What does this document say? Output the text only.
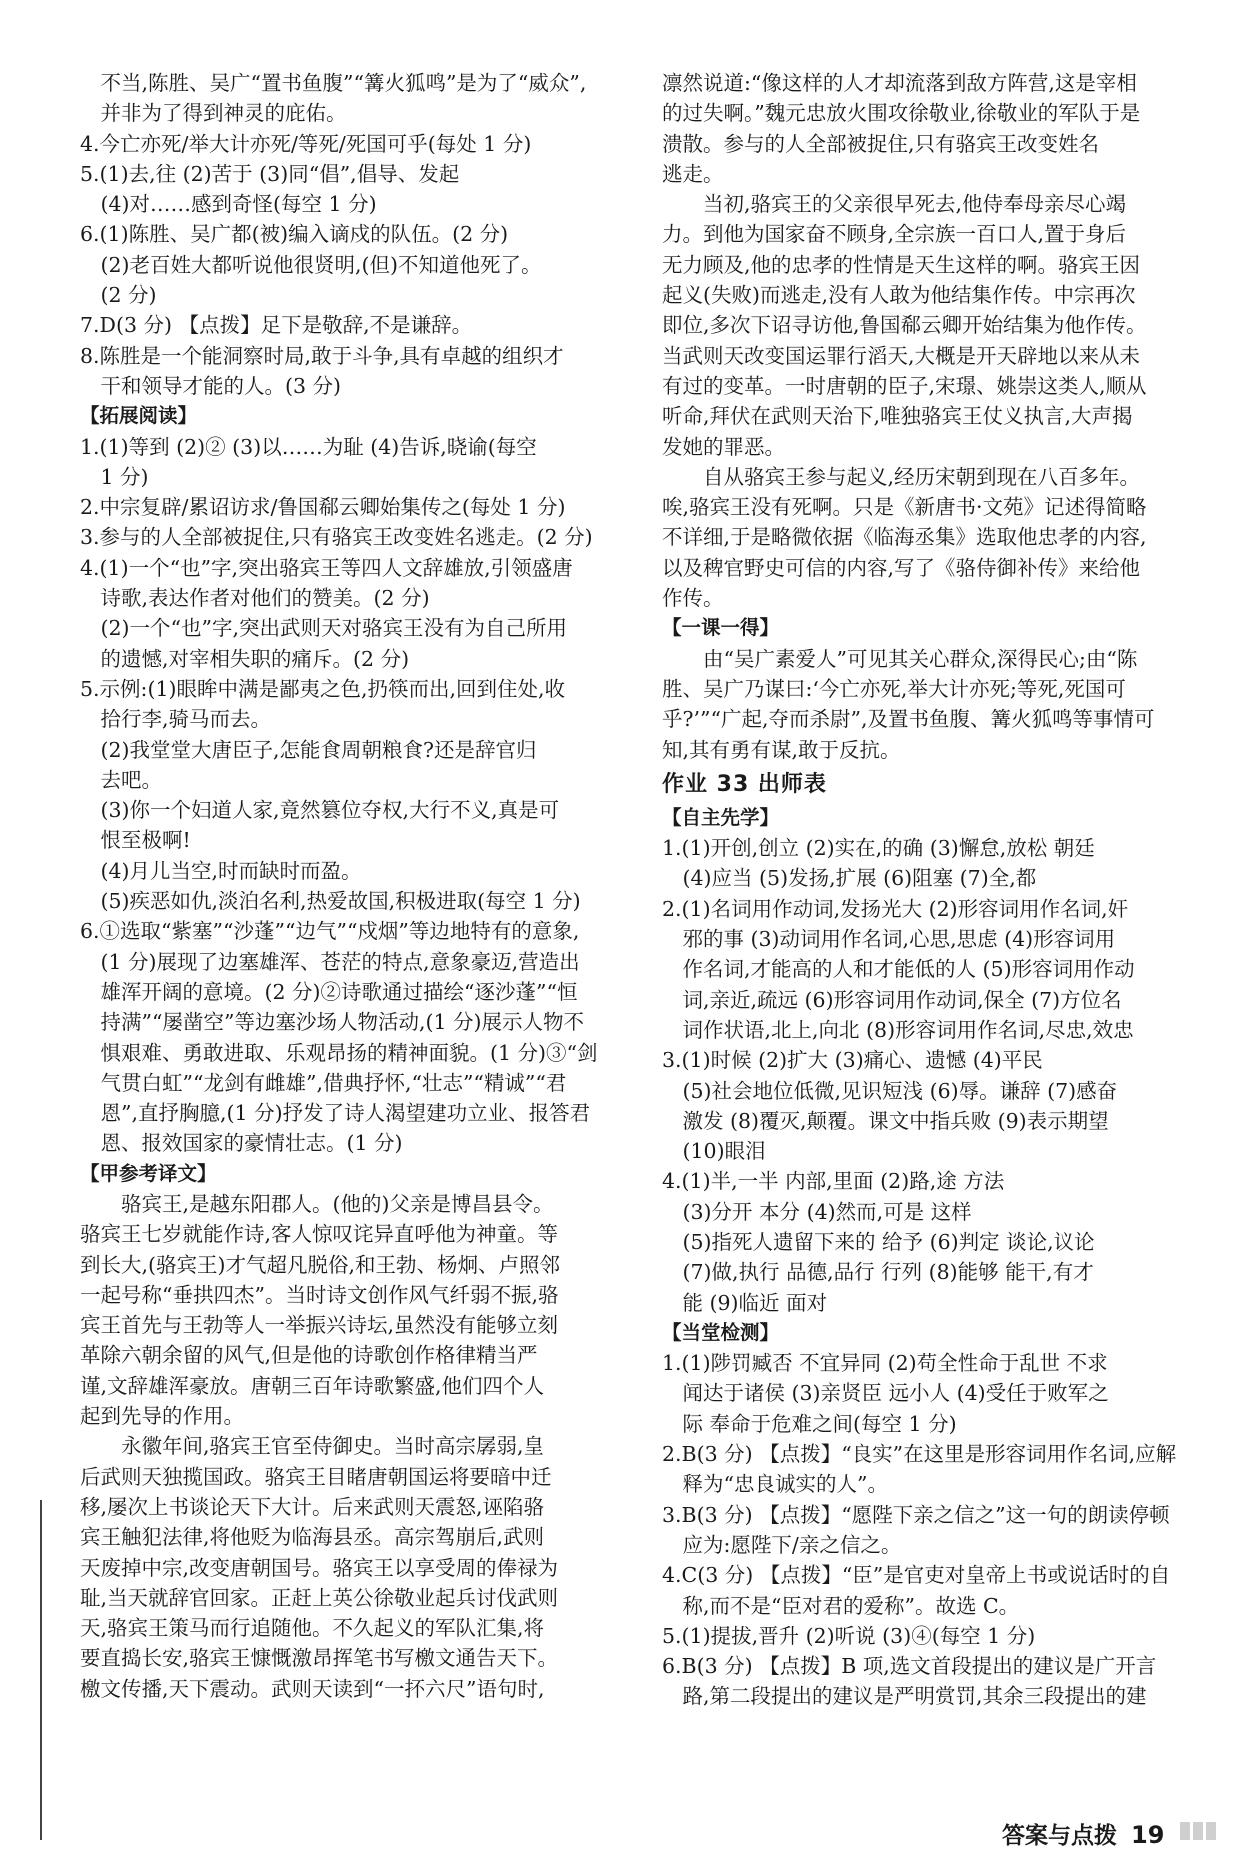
不当,陈胜、吴广“置书鱼腹”“篝火狐鸣”是为了“威众”,

并非为了得到神灵的庇佑。

4.今亡亦死/举大计亦死/等死/死国可乎(每处 1 分)

5.(1)去,往 (2)苦于 (3)同“倡”,倡导、发起

(4)对……感到奇怪(每空 1 分)

6.(1)陈胜、吴广都(被)编入谪戍的队伍。(2 分)

(2)老百姓大都听说他很贤明,(但)不知道他死了。

(2 分)

7.D(3 分) 【点拨】足下是敬辞,不是谦辞。

8.陈胜是一个能洞察时局,敢于斗争,具有卓越的组织才

干和领导才能的人。(3 分)

【拓展阅读】

1.(1)等到 (2)② (3)以……为耻 (4)告诉,晓谕(每空

1 分)

2.中宗复辟/累诏访求/鲁国郗云卿始集传之(每处 1 分)

3.参与的人全部被捉住,只有骆宾王改变姓名逃走。(2 分)

4.(1)一个“也”字,突出骆宾王等四人文辞雄放,引领盛唐

诗歌,表达作者对他们的赞美。(2 分)

(2)一个“也”字,突出武则天对骆宾王没有为自己所用

的遗憾,对宰相失职的痛斥。(2 分)

5.示例:(1)眼眸中满是鄙夷之色,扔筷而出,回到住处,收

拾行李,骑马而去。

(2)我堂堂大唐臣子,怎能食周朝粮食?还是辞官归

去吧。

(3)你一个妇道人家,竟然篡位夺权,大行不义,真是可

恨至极啊!

(4)月儿当空,时而缺时而盈。

(5)疾恶如仇,淡泊名利,热爱故国,积极进取(每空 1 分)

6.①选取“紫塞”“沙蓬”“边气”“戍烟”等边地特有的意象,

(1 分)展现了边塞雄浑、苍茫的特点,意象豪迈,营造出

雄浑开阔的意境。(2 分)②诗歌通过描绘“逐沙蓬”“恒

持满”“屡凿空”等边塞沙场人物活动,(1 分)展示人物不

惧艰难、勇敢进取、乐观昂扬的精神面貌。(1 分)③“剑

气贯白虹”“龙剑有雌雄”,借典抒怀,“壮志”“精诚”“君

恩”,直抒胸臆,(1 分)抒发了诗人渴望建功立业、报答君

恩、报效国家的豪情壮志。(1 分)

【甲参考译文】

骆宾王,是越东阳郡人。(他的)父亲是博昌县令。

骆宾王七岁就能作诗,客人惊叹诧异直呼他为神童。等

到长大,(骆宾王)才气超凡脱俗,和王勃、杨炯、卢照邻

一起号称“垂拱四杰”。当时诗文创作风气纤弱不振,骆

宾王首先与王勃等人一举振兴诗坛,虽然没有能够立刻

革除六朝余留的风气,但是他的诗歌创作格律精当严

谨,文辞雄浑豪放。唐朝三百年诗歌繁盛,他们四个人

起到先导的作用。

永徽年间,骆宾王官至侍御史。当时高宗孱弱,皇

后武则天独揽国政。骆宾王目睹唐朝国运将要暗中迁

移,屡次上书谈论天下大计。后来武则天震怒,诬陷骆

宾王触犯法律,将他贬为临海县丞。高宗驾崩后,武则

天废掉中宗,改变唐朝国号。骆宾王以享受周的俸禄为

耻,当天就辞官回家。正赶上英公徐敬业起兵讨伐武则

天,骆宾王策马而行追随他。不久起义的军队汇集,将

要直捣长安,骆宾王慷慨激昂挥笔书写檄文通告天下。

檄文传播,天下震动。武则天读到“一抔六尺”语句时,

凛然说道:“像这样的人才却流落到敌方阵营,这是宰相

的过失啊。”魏元忠放火围攻徐敬业,徐敬业的军队于是

溃散。参与的人全部被捉住,只有骆宾王改变姓名

逃走。

当初,骆宾王的父亲很早死去,他侍奉母亲尽心竭

力。到他为国家奋不顾身,全宗族一百口人,置于身后

无力顾及,他的忠孝的性情是天生这样的啊。骆宾王因

起义(失败)而逃走,没有人敢为他结集作传。中宗再次

即位,多次下诏寻访他,鲁国郗云卿开始结集为他作传。

当武则天改变国运罪行滔天,大概是开天辟地以来从未

有过的变革。一时唐朝的臣子,宋璟、姚崇这类人,顺从

听命,拜伏在武则天治下,唯独骆宾王仗义执言,大声揭

发她的罪恶。

自从骆宾王参与起义,经历宋朝到现在八百多年。

唉,骆宾王没有死啊。只是《新唐书·文苑》记述得简略

不详细,于是略微依据《临海丞集》选取他忠孝的内容,

以及稗官野史可信的内容,写了《骆侍御补传》来给他

作传。

【一课一得】

由“吴广素爱人”可见其关心群众,深得民心;由“陈

胜、吴广乃谋曰:‘今亡亦死,举大计亦死;等死,死国可

乎?’”“广起,夺而杀尉”,及置书鱼腹、篝火狐鸣等事情可

知,其有勇有谋,敢于反抗。

作业 33 出师表

【自主先学】

1.(1)开创,创立 (2)实在,的确 (3)懈怠,放松 朝廷

(4)应当 (5)发扬,扩展 (6)阻塞 (7)全,都

2.(1)名词用作动词,发扬光大 (2)形容词用作名词,奸

邪的事 (3)动词用作名词,心思,思虑 (4)形容词用

作名词,才能高的人和才能低的人 (5)形容词用作动

词,亲近,疏远 (6)形容词用作动词,保全 (7)方位名

词作状语,北上,向北 (8)形容词用作名词,尽忠,效忠

3.(1)时候 (2)扩大 (3)痛心、遗憾 (4)平民

(5)社会地位低微,见识短浅 (6)辱。谦辞 (7)感奋

激发 (8)覆灭,颠覆。课文中指兵败 (9)表示期望

(10)眼泪

4.(1)半,一半 内部,里面 (2)路,途 方法

(3)分开 本分 (4)然而,可是 这样

(5)指死人遗留下来的 给予 (6)判定 谈论,议论

(7)做,执行 品德,品行 行列 (8)能够 能干,有才

能 (9)临近 面对

【当堂检测】

1.(1)陟罚臧否 不宜异同 (2)苟全性命于乱世 不求

闻达于诸侯 (3)亲贤臣 远小人 (4)受任于败军之

际 奉命于危难之间(每空 1 分)

2.B(3 分) 【点拨】“良实”在这里是形容词用作名词,应解

释为“忠良诚实的人”。

3.B(3 分) 【点拨】“愿陛下亲之信之”这一句的朗读停顿

应为:愿陛下/亲之信之。

4.C(3 分) 【点拨】“臣”是官吏对皇帝上书或说话时的自

称,而不是“臣对君的爱称”。故选 C。

5.(1)提拔,晋升 (2)听说 (3)④(每空 1 分)

6.B(3 分) 【点拨】B 项,选文首段提出的建议是广开言

路,第二段提出的建议是严明赏罚,其余三段提出的建

答案与点拨 19
